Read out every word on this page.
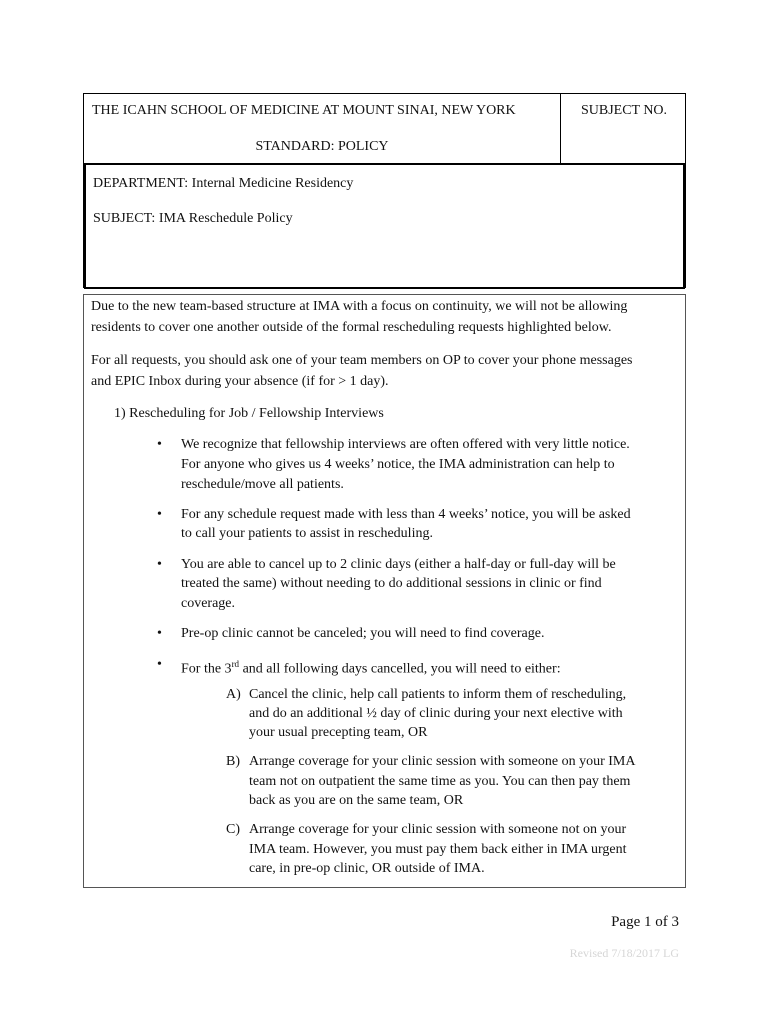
THE ICAHN SCHOOL OF MEDICINE AT MOUNT SINAI, NEW YORK
STANDARD: POLICY
SUBJECT NO.
DEPARTMENT: Internal Medicine Residency
SUBJECT: IMA Reschedule Policy
Due to the new team-based structure at IMA with a focus on continuity, we will not be allowing
residents to cover one another outside of the formal rescheduling requests highlighted below.
For all requests, you should ask one of your team members on OP to cover your phone messages
and EPIC Inbox during your absence (if for > 1 day).
1) Rescheduling for Job / Fellowship Interviews
• We recognize that fellowship interviews are often offered with very little notice.
For anyone who gives us 4 weeks’ notice, the IMA administration can help to
reschedule/move all patients.
• For any schedule request made with less than 4 weeks’ notice, you will be asked
to call your patients to assist in rescheduling.
• You are able to cancel up to 2 clinic days (either a half-day or full-day will be
treated the same) without needing to do additional sessions in clinic or find
coverage.
• Pre-op clinic cannot be canceled; you will need to find coverage.
• For the 3rd and all following days cancelled, you will need to either:
A) Cancel the clinic, help call patients to inform them of rescheduling,
and do an additional ½ day of clinic during your next elective with
your usual precepting team, OR
B) Arrange coverage for your clinic session with someone on your IMA
team not on outpatient the same time as you. You can then pay them
back as you are on the same team, OR
C) Arrange coverage for your clinic session with someone not on your
IMA team. However, you must pay them back either in IMA urgent
care, in pre-op clinic, OR outside of IMA.
Page 1 of 3
Revised 7/18/2017 LG
